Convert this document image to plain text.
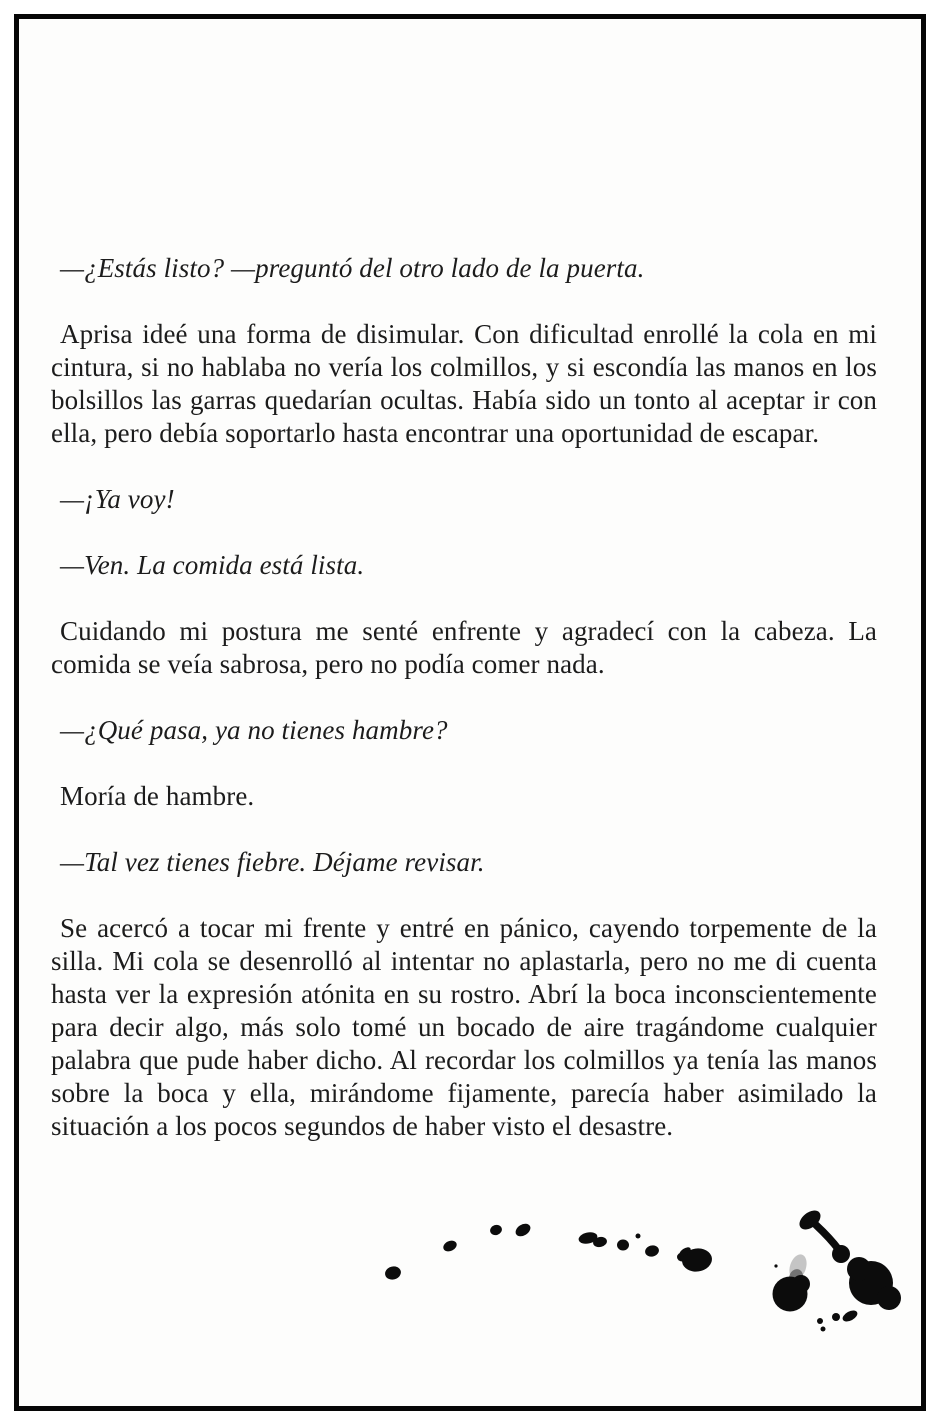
—¿Estás listo? —preguntó del otro lado de la puerta.

Aprisa ideé una forma de disimular. Con dificultad enrollé la cola en mi cintura, si no hablaba no vería los colmillos, y si escondía las manos en los bolsillos las garras quedarían ocultas. Había sido un tonto al aceptar ir con ella, pero debía soportarlo hasta encontrar una oportunidad de escapar.

—¡Ya voy!

—Ven. La comida está lista.

Cuidando mi postura me senté enfrente y agradecí con la cabeza. La comida se veía sabrosa, pero no podía comer nada.

—¿Qué pasa, ya no tienes hambre?

Moría de hambre.

—Tal vez tienes fiebre. Déjame revisar.

Se acercó a tocar mi frente y entré en pánico, cayendo torpemente de la silla. Mi cola se desenrolló al intentar no aplastarla, pero no me di cuenta hasta ver la expresión atónita en su rostro. Abrí la boca inconscientemente para decir algo, más solo tomé un bocado de aire tragándome cualquier palabra que pude haber dicho. Al recordar los colmillos ya tenía las manos sobre la boca y ella, mirándome fijamente, parecía haber asimilado la situación a los pocos segundos de haber visto el desastre.
